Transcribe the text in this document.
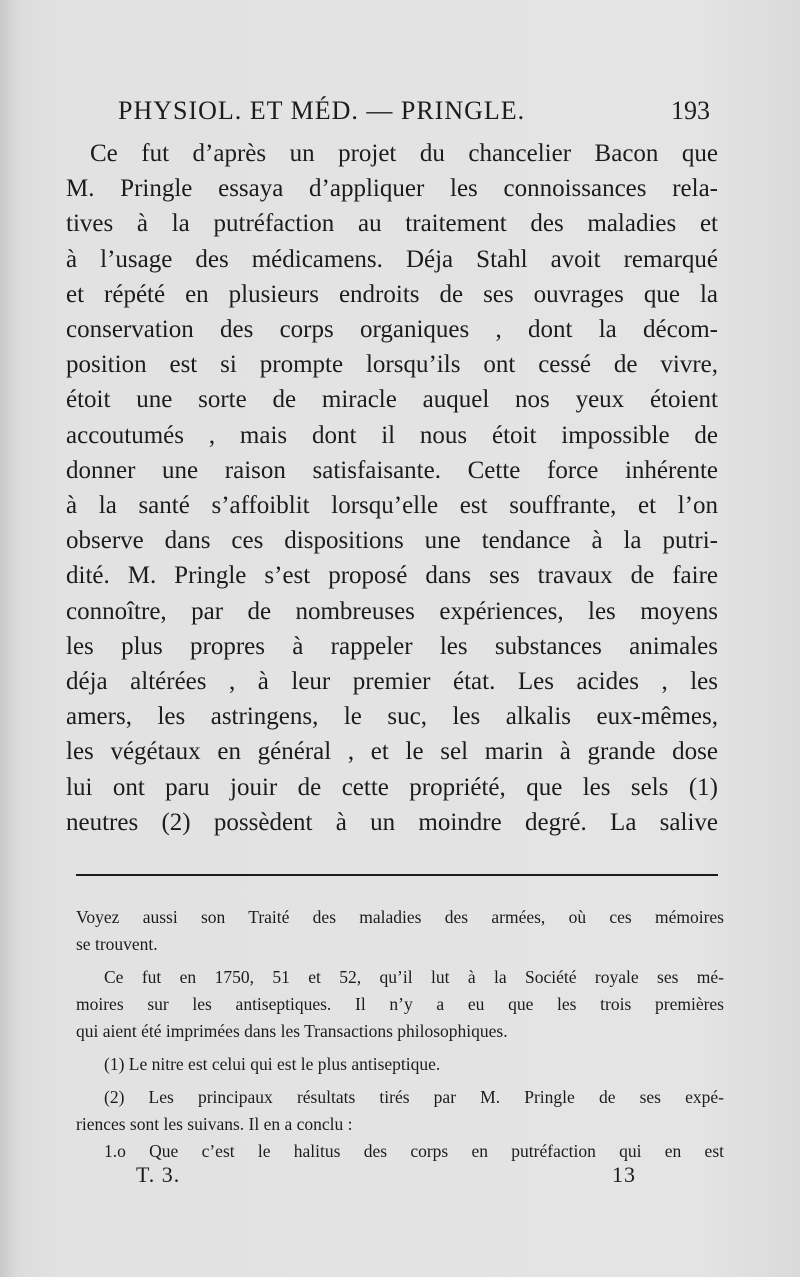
PHYSIOL. ET MÉD. — PRINGLE.	193
Ce fut d’après un projet du chancelier Bacon que
M. Pringle essaya d’appliquer les connoissances rela-
tives à la putréfaction au traitement des maladies et
à l’usage des médicamens. Déja Stahl avoit remarqué
et répété en plusieurs endroits de ses ouvrages que la
conservation des corps organiques , dont la décom-
position est si prompte lorsqu’ils ont cessé de vivre,
étoit une sorte de miracle auquel nos yeux étoient
accoutumés , mais dont il nous étoit impossible de
donner une raison satisfaisante. Cette force inhérente
à la santé s’affoiblit lorsqu’elle est souffrante, et l’on
observe dans ces dispositions une tendance à la putri-
dité. M. Pringle s’est proposé dans ses travaux de faire
connoître, par de nombreuses expériences, les moyens
les plus propres à rappeler les substances animales
déja altérées , à leur premier état. Les acides , les
amers, les astringens, le suc, les alkalis eux-mêmes,
les végétaux en général , et le sel marin à grande dose
lui ont paru jouir de cette propriété, que les sels (1)
neutres (2) possèdent à un moindre degré. La salive
Voyez aussi son Traité des maladies des armées, où ces mémoires
se trouvent.
Ce fut en 1750, 51 et 52, qu’il lut à la Société royale ses mé-
moires sur les antiseptiques. Il n’y a eu que les trois premières
qui aient été imprimées dans les Transactions philosophiques.
(1) Le nitre est celui qui est le plus antiseptique.
(2) Les principaux résultats tirés par M. Pringle de ses expé-
riences sont les suivans. Il en a conclu :
1.o Que c’est le halitus des corps en putréfaction qui en est
T. 3.	13
